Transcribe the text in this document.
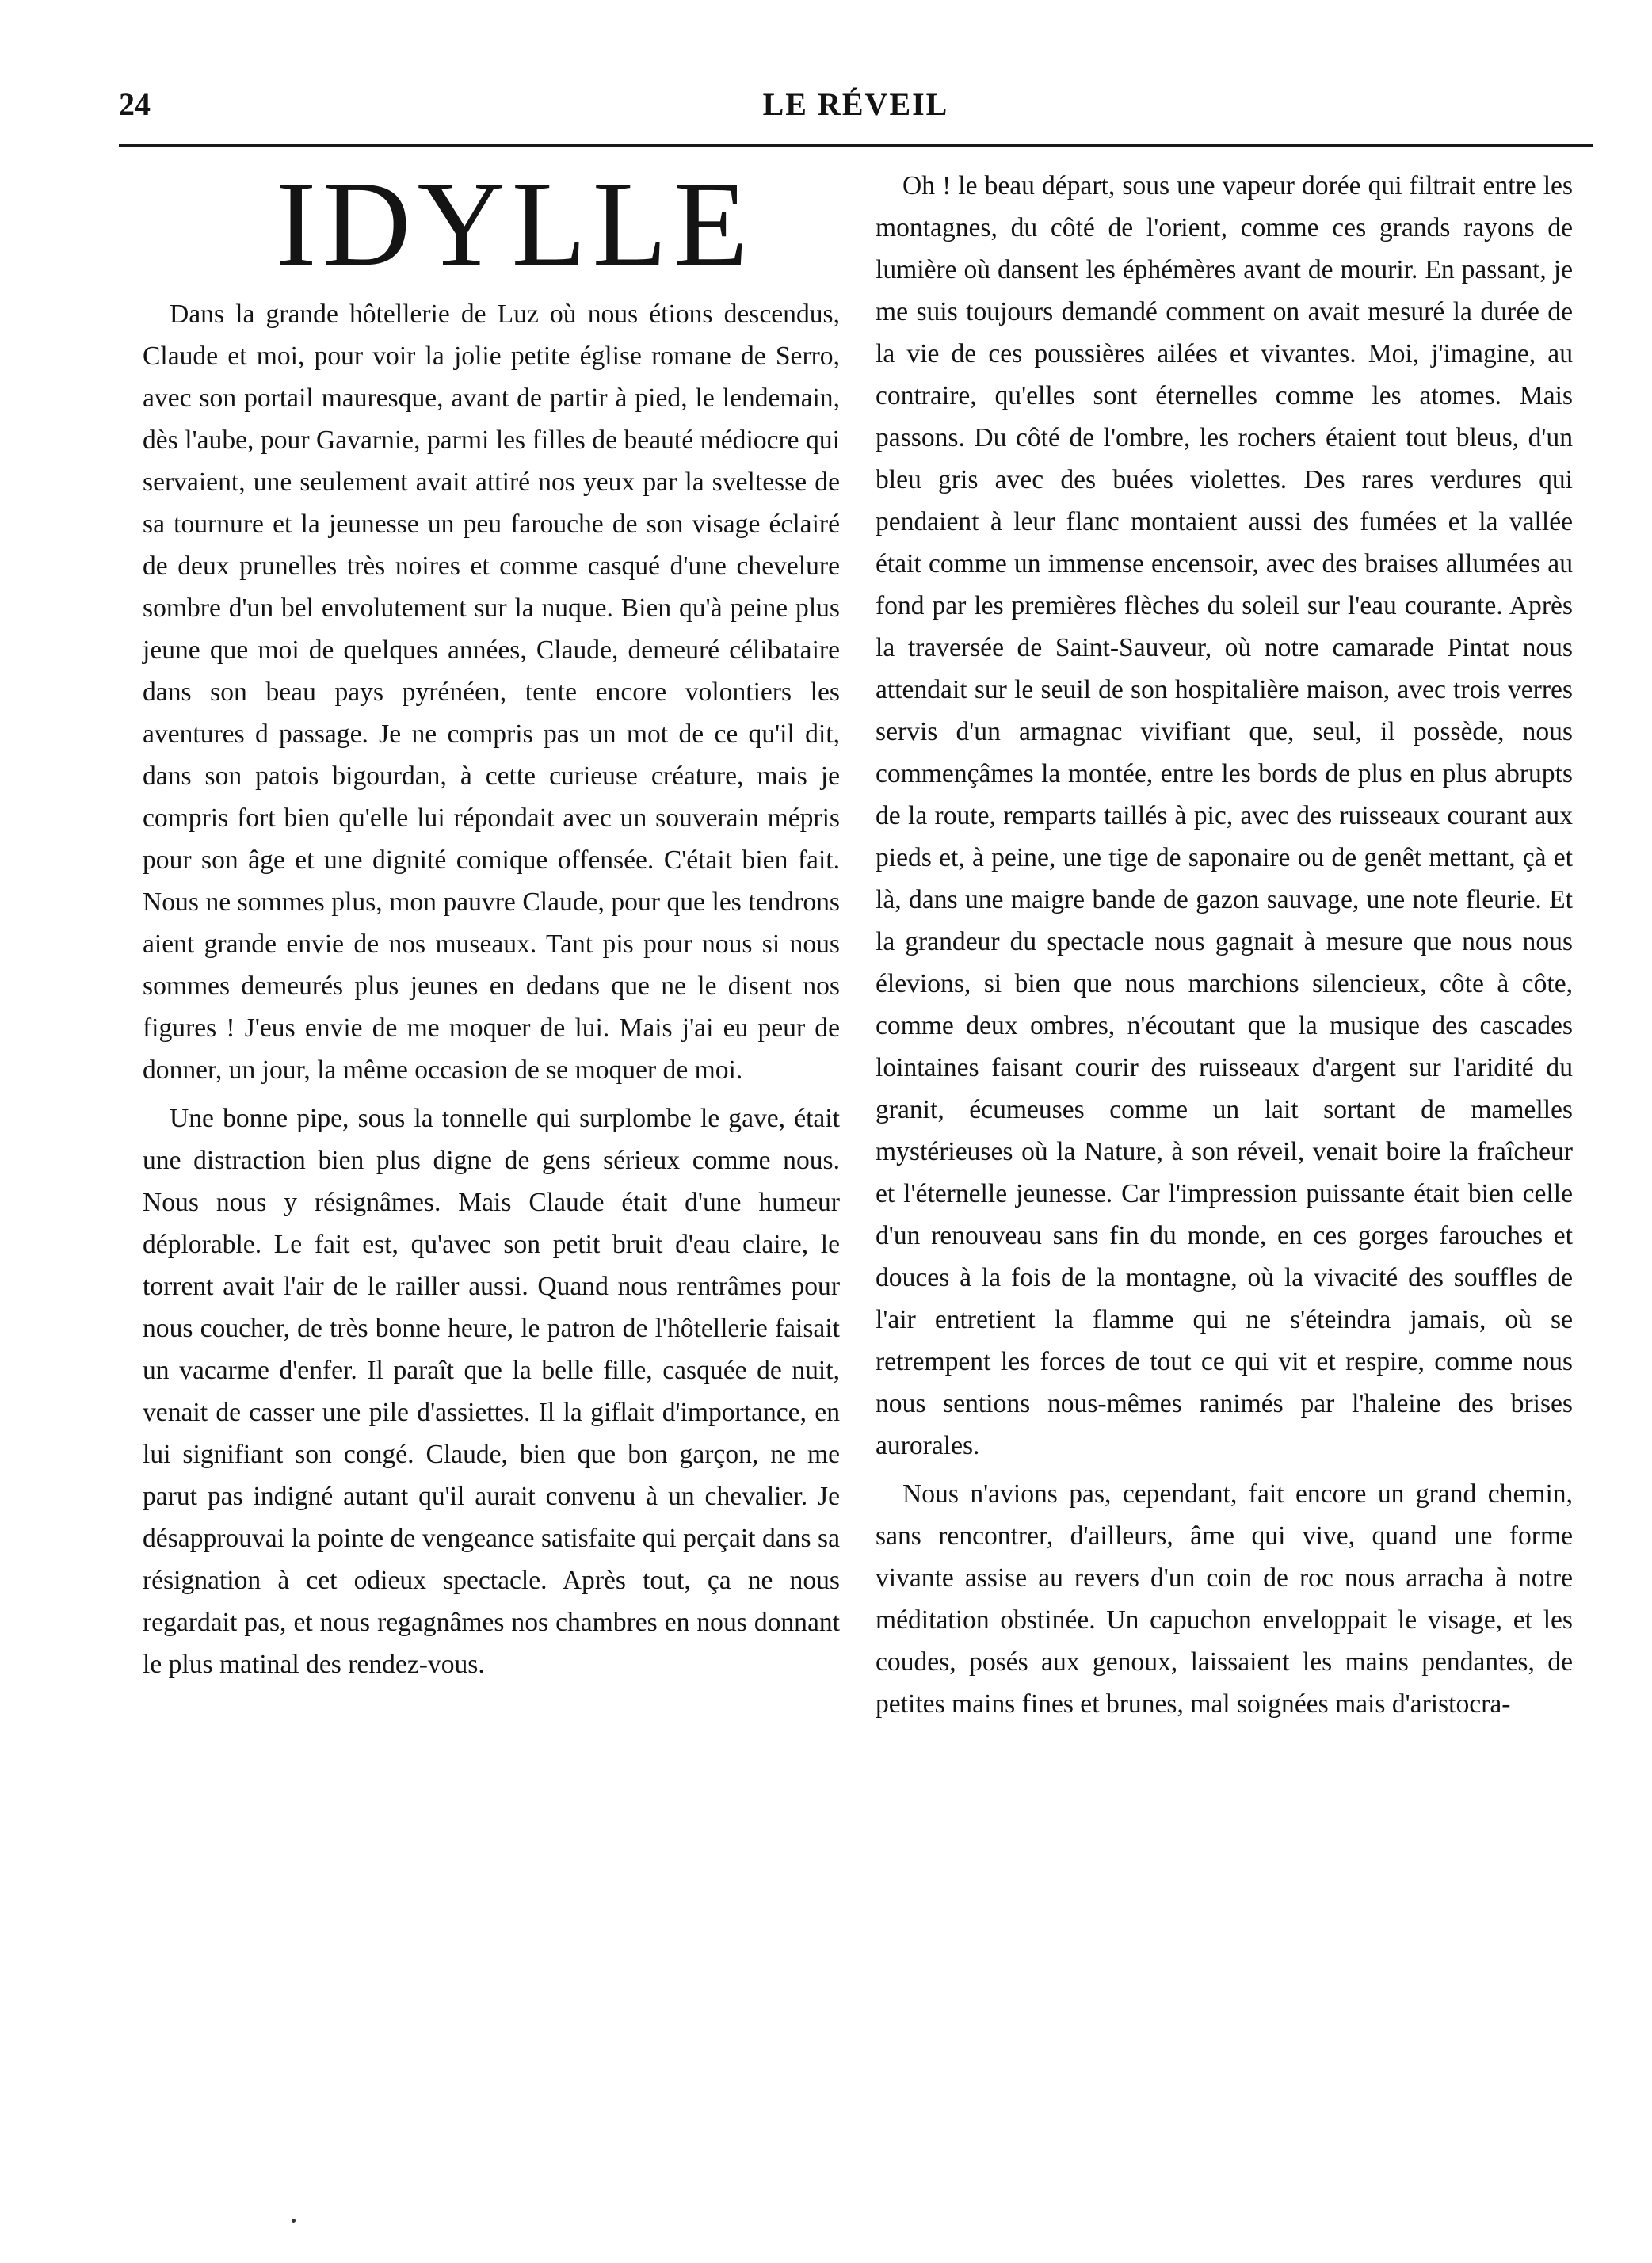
24	LE RÉVEIL
IDYLLE

Dans la grande hôtellerie de Luz où nous étions descendus, Claude et moi, pour voir la jolie petite église romane de Serro, avec son portail mauresque, avant de partir à pied, le lendemain, dès l'aube, pour Gavarnie, parmi les filles de beauté médiocre qui servaient, une seulement avait attiré nos yeux par la sveltesse de sa tournure et la jeunesse un peu farouche de son visage éclairé de deux prunelles très noires et comme casqué d'une chevelure sombre d'un bel envolutement sur la nuque. Bien qu'à peine plus jeune que moi de quelques années, Claude, demeuré célibataire dans son beau pays pyrénéen, tente encore volontiers les aventures d passage. Je ne compris pas un mot de ce qu'il dit, dans son patois bigourdan, à cette curieuse créature, mais je compris fort bien qu'elle lui répondait avec un souverain mépris pour son âge et une dignité comique offensée. C'était bien fait. Nous ne sommes plus, mon pauvre Claude, pour que les tendrons aient grande envie de nos museaux. Tant pis pour nous si nous sommes demeurés plus jeunes en dedans que ne le disent nos figures ! J'eus envie de me moquer de lui. Mais j'ai eu peur de donner, un jour, la même occasion de se moquer de moi.

Une bonne pipe, sous la tonnelle qui surplombe le gave, était une distraction bien plus digne de gens sérieux comme nous. Nous nous y résignâmes. Mais Claude était d'une humeur déplorable. Le fait est, qu'avec son petit bruit d'eau claire, le torrent avait l'air de le railler aussi. Quand nous rentrâmes pour nous coucher, de très bonne heure, le patron de l'hôtellerie faisait un vacarme d'enfer. Il paraît que la belle fille, casquée de nuit, venait de casser une pile d'assiettes. Il la giflait d'importance, en lui signifiant son congé. Claude, bien que bon garçon, ne me parut pas indigné autant qu'il aurait convenu à un chevalier. Je désapprouvai la pointe de vengeance satisfaite qui perçait dans sa résignation à cet odieux spectacle. Après tout, ça ne nous regardait pas, et nous regagnâmes nos chambres en nous donnant le plus matinal des rendez-vous.

Oh ! le beau départ, sous une vapeur dorée qui filtrait entre les montagnes, du côté de l'orient, comme ces grands rayons de lumière où dansent les éphémères avant de mourir. En passant, je me suis toujours demandé comment on avait mesuré la durée de la vie de ces poussières ailées et vivantes. Moi, j'imagine, au contraire, qu'elles sont éternelles comme les atomes. Mais passons. Du côté de l'ombre, les rochers étaient tout bleus, d'un bleu gris avec des buées violettes. Des rares verdures qui pendaient à leur flanc montaient aussi des fumées et la vallée était comme un immense encensoir, avec des braises allumées au fond par les premières flèches du soleil sur l'eau courante. Après la traversée de Saint-Sauveur, où notre camarade Pintat nous attendait sur le seuil de son hospitalière maison, avec trois verres servis d'un armagnac vivifiant que, seul, il possède, nous commençâmes la montée, entre les bords de plus en plus abrupts de la route, remparts taillés à pic, avec des ruisseaux courant aux pieds et, à peine, une tige de saponaire ou de genêt mettant, çà et là, dans une maigre bande de gazon sauvage, une note fleurie. Et la grandeur du spectacle nous gagnait à mesure que nous nous élevions, si bien que nous marchions silencieux, côte à côte, comme deux ombres, n'écoutant que la musique des cascades lointaines faisant courir des ruisseaux d'argent sur l'aridité du granit, écumeuses comme un lait sortant de mamelles mystérieuses où la Nature, à son réveil, venait boire la fraîcheur et l'éternelle jeunesse. Car l'impression puissante était bien celle d'un renouveau sans fin du monde, en ces gorges farouches et douces à la fois de la montagne, où la vivacité des souffles de l'air entretient la flamme qui ne s'éteindra jamais, où se retrempent les forces de tout ce qui vit et respire, comme nous nous sentions nous-mêmes ranimés par l'haleine des brises aurorales.

Nous n'avions pas, cependant, fait encore un grand chemin, sans rencontrer, d'ailleurs, âme qui vive, quand une forme vivante assise au revers d'un coin de roc nous arracha à notre méditation obstinée. Un capuchon enveloppait le visage, et les coudes, posés aux genoux, laissaient les mains pendantes, de petites mains fines et brunes, mal soignées mais d'aristocra-
